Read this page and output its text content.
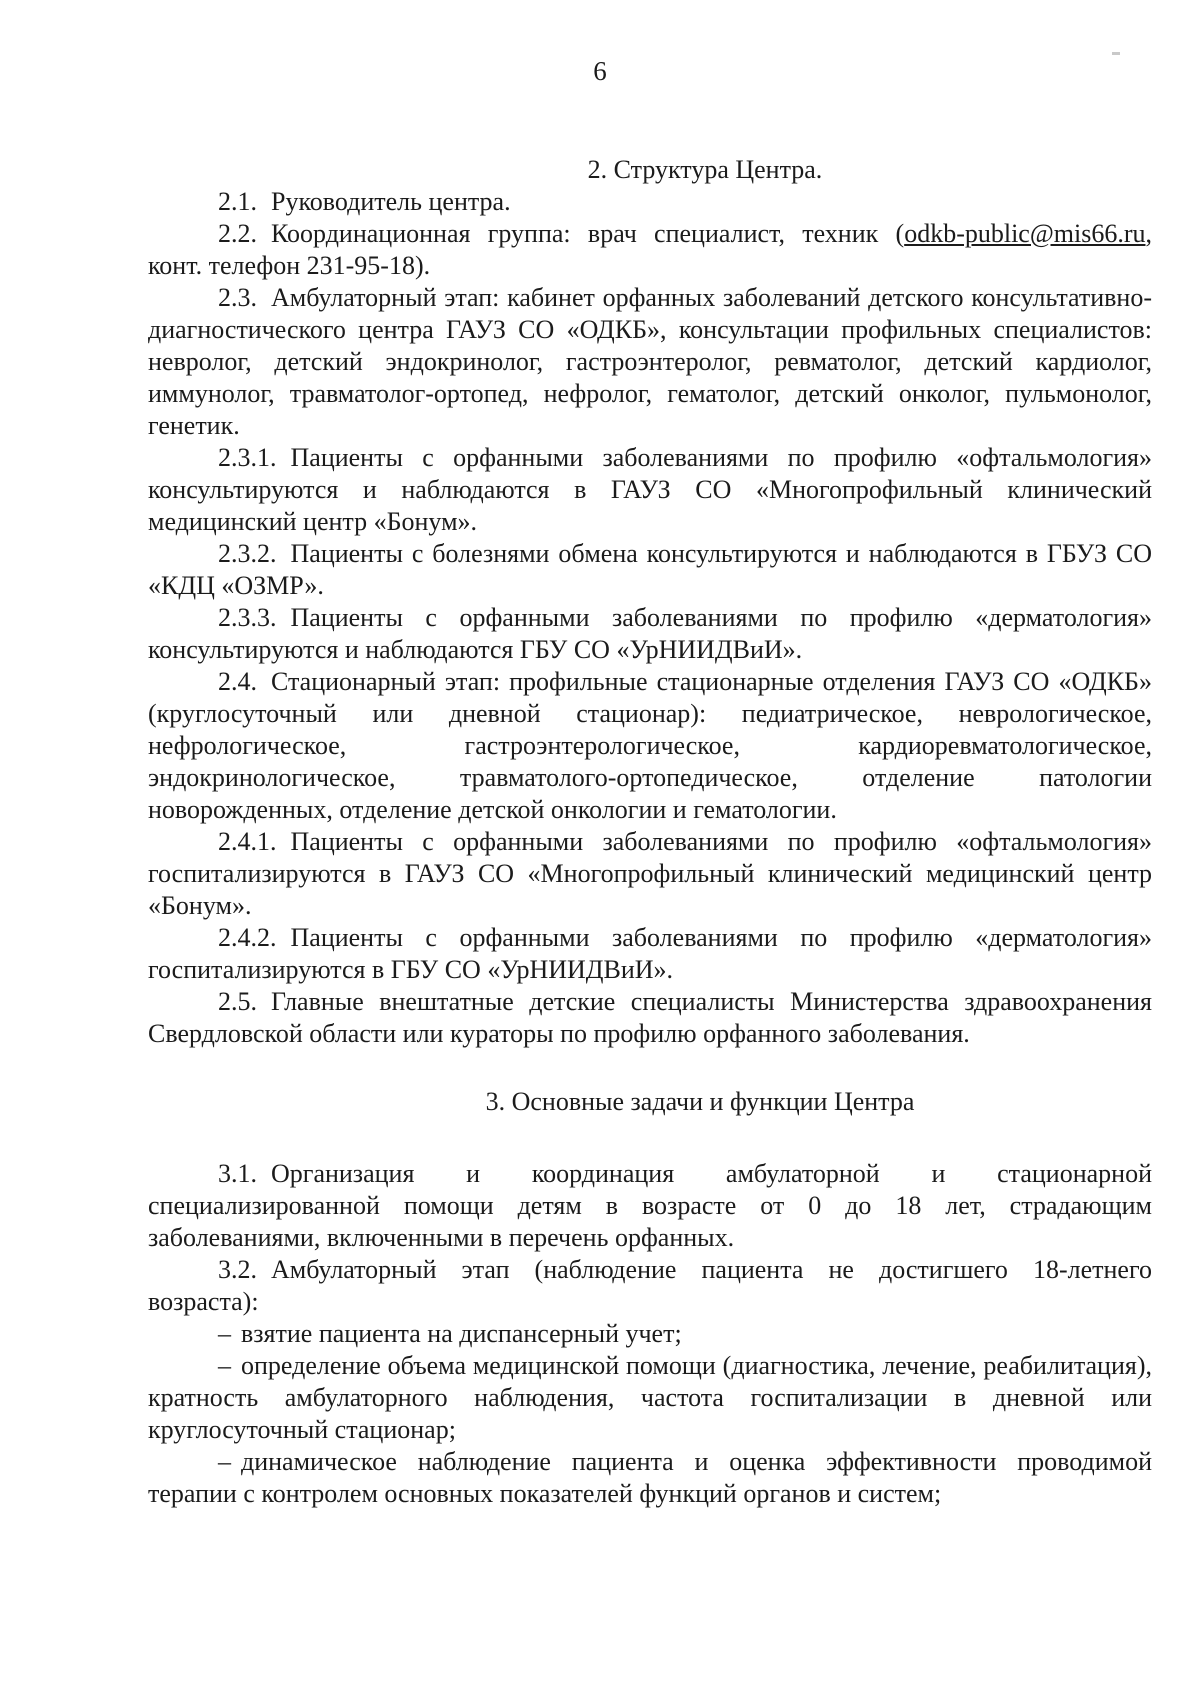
6
2. Структура Центра.

2.1. Руководитель центра.

2.2. Координационная группа: врач специалист, техник (odkb-public@mis66.ru, конт. телефон 231-95-18).

2.3. Амбулаторный этап: кабинет орфанных заболеваний детского консультативно-диагностического центра ГАУЗ СО «ОДКБ», консультации профильных специалистов: невролог, детский эндокринолог, гастроэнтеролог, ревматолог, детский кардиолог, иммунолог, травматолог-ортопед, нефролог, гематолог, детский онколог, пульмонолог, генетик.

2.3.1. Пациенты с орфанными заболеваниями по профилю «офтальмология» консультируются и наблюдаются в ГАУЗ СО «Многопрофильный клинический медицинский центр «Бонум».

2.3.2. Пациенты с болезнями обмена консультируются и наблюдаются в ГБУЗ СО «КДЦ «ОЗМР».

2.3.3. Пациенты с орфанными заболеваниями по профилю «дерматология» консультируются и наблюдаются ГБУ СО «УрНИИДВиИ».

2.4. Стационарный этап: профильные стационарные отделения ГАУЗ СО «ОДКБ» (круглосуточный или дневной стационар): педиатрическое, неврологическое, нефрологическое, гастроэнтерологическое, кардиоревматологическое, эндокринологическое, травматолого-ортопедическое, отделение патологии новорожденных, отделение детской онкологии и гематологии.

2.4.1. Пациенты с орфанными заболеваниями по профилю «офтальмология» госпитализируются в ГАУЗ СО «Многопрофильный клинический медицинский центр «Бонум».

2.4.2. Пациенты с орфанными заболеваниями по профилю «дерматология» госпитализируются в ГБУ СО «УрНИИДВиИ».

2.5. Главные внештатные детские специалисты Министерства здравоохранения Свердловской области или кураторы по профилю орфанного заболевания.

3. Основные задачи и функции Центра

3.1. Организация и координация амбулаторной и стационарной специализированной помощи детям в возрасте от 0 до 18 лет, страдающим заболеваниями, включенными в перечень орфанных.

3.2. Амбулаторный этап (наблюдение пациента не достигшего 18-летнего возраста):

– взятие пациента на диспансерный учет;

– определение объема медицинской помощи (диагностика, лечение, реабилитация), кратность амбулаторного наблюдения, частота госпитализации в дневной или круглосуточный стационар;

– динамическое наблюдение пациента и оценка эффективности проводимой терапии с контролем основных показателей функций органов и систем;
